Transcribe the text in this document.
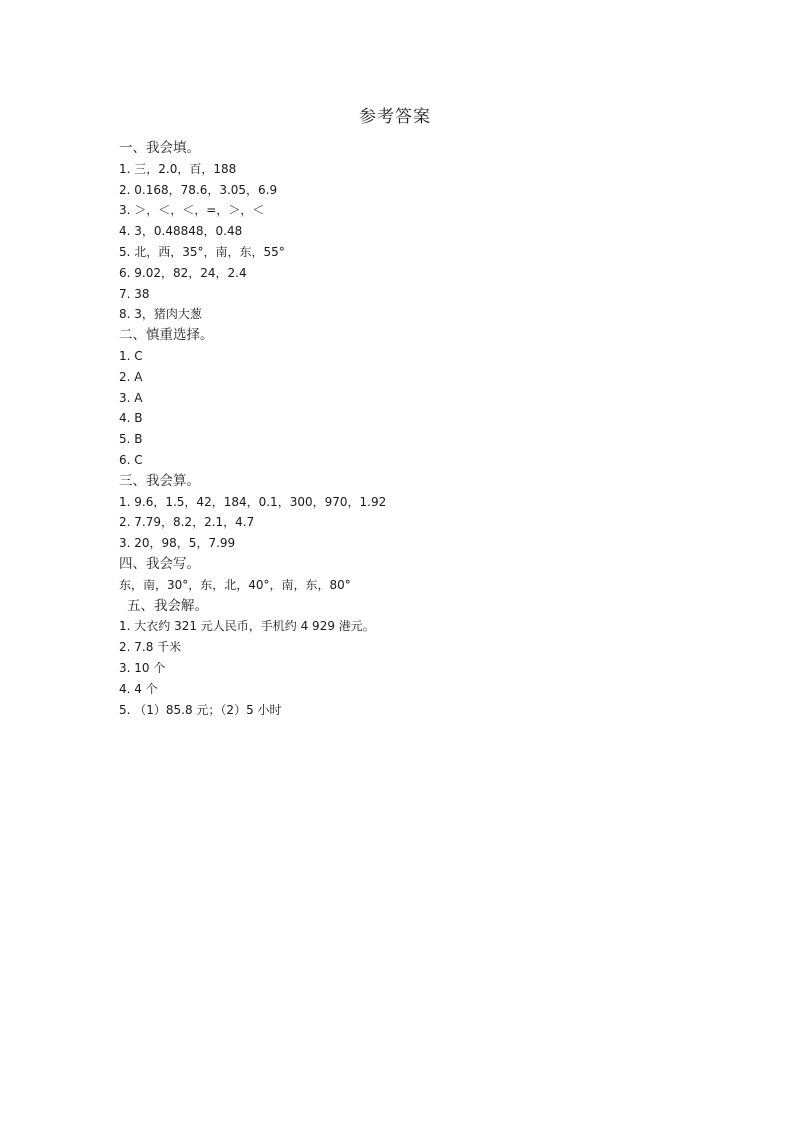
参考答案
一、我会填。
1. 三，2.0，百，188
2. 0.168，78.6，3.05，6.9
3. ＞，＜，＜，=，＞，＜
4. 3，0.48848，0.48
5. 北，西，35°，南，东，55°
6. 9.02，82，24，2.4
7. 38
8. 3，猪肉大葱
二、慎重选择。
1. C
2. A
3. A
4. B
5. B
6. C
三、我会算。
1. 9.6，1.5，42，184，0.1，300，970，1.92
2. 7.79，8.2，2.1，4.7
3. 20，98，5，7.99
四、我会写。
东，南，30°，东，北，40°，南，东，80°
五、我会解。
1. 大衣约 321 元人民币，手机约 4 929 港元。
2. 7.8 千米
3. 10 个
4. 4 个
5. （1）85.8 元；（2）5 小时
